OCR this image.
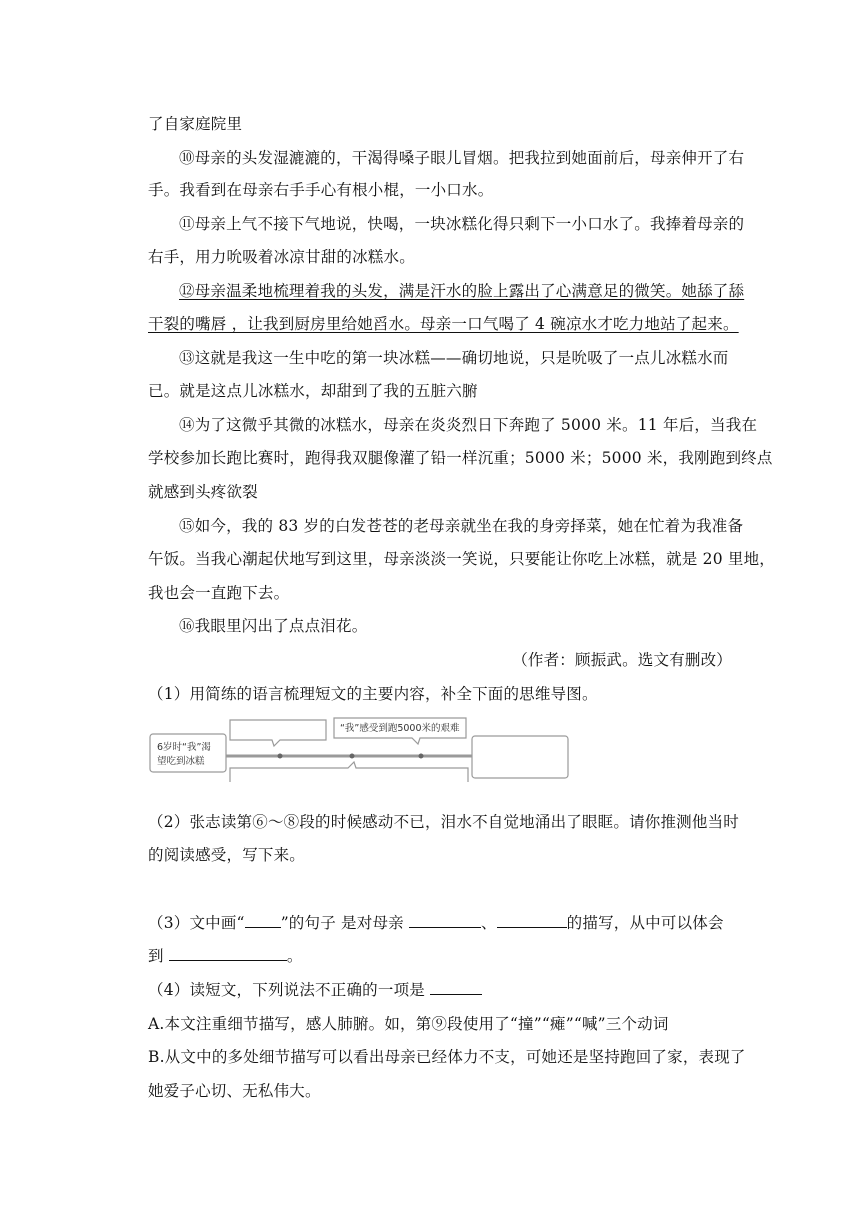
了自家庭院里
⑩母亲的头发湿漉漉的，干渴得嗓子眼儿冒烟。把我拉到她面前后，母亲伸开了右
手。我看到在母亲右手手心有根小棍，一小口水。
⑪母亲上气不接下气地说，快喝，一块冰糕化得只剩下一小口水了。我捧着母亲的
右手，用力吮吸着冰凉甘甜的冰糕水。
⑫母亲温柔地梳理着我的头发，满是汗水的脸上露出了心满意足的微笑。她舔了舔
干裂的嘴唇 ，让我到厨房里给她舀水。母亲一口气喝了 4 碗凉水才吃力地站了起来。
⑬这就是我这一生中吃的第一块冰糕——确切地说，只是吮吸了一点儿冰糕水而
已。就是这点儿冰糕水，却甜到了我的五脏六腑
⑭为了这微乎其微的冰糕水，母亲在炎炎烈日下奔跑了 5000 米。11 年后，当我在
学校参加长跑比赛时，跑得我双腿像灌了铅一样沉重；5000 米；5000 米，我刚跑到终点
就感到头疼欲裂
⑮如今，我的 83 岁的白发苍苍的老母亲就坐在我的身旁择菜，她在忙着为我准备
午饭。当我心潮起伏地写到这里，母亲淡淡一笑说，只要能让你吃上冰糕，就是 20 里地，
我也会一直跑下去。
⑯我眼里闪出了点点泪花。
（作者：顾振武。选文有删改）
（1）用简练的语言梳理短文的主要内容，补全下面的思维导图。
6岁时“我”渴
望吃到冰糕
“我”感受到跑5000米的艰难
（2）张志读第⑥～⑧段的时候感动不已，泪水不自觉地涌出了眼眶。请你推测他当时
的阅读感受，写下来。
（3）文中画“ ”的句子 是对母亲	、	的描写，从中可以体会
到	。
（4）读短文，下列说法不正确的一项是
A.本文注重细节描写，感人肺腑。如，第⑨段使用了“撞”“瘫”“喊”三个动词
B.从文中的多处细节描写可以看出母亲已经体力不支，可她还是坚持跑回了家，表现了
她爱子心切、无私伟大。
